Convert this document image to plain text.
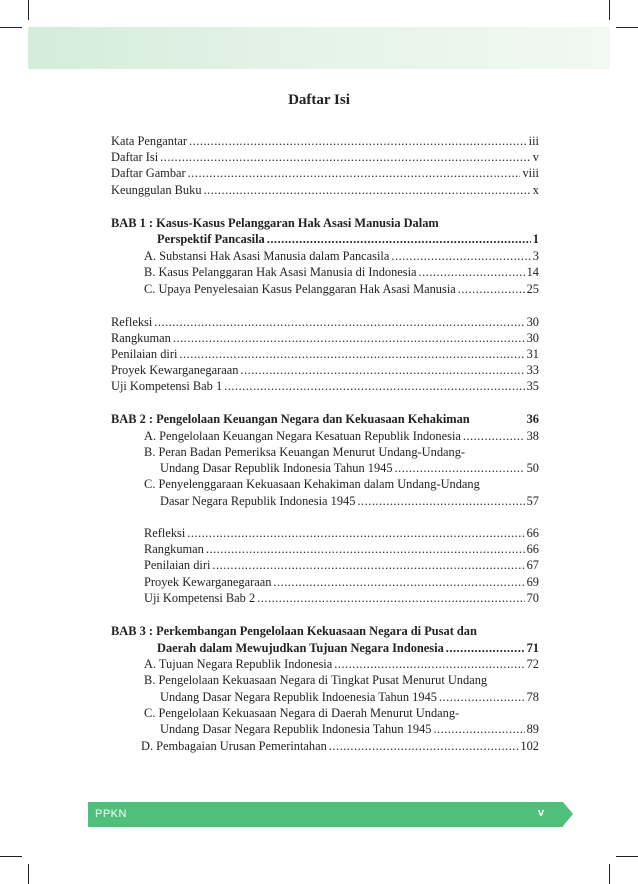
Daftar Isi
Kata Pengantar .....	iii
Daftar Isi .....	v
Daftar Gambar .....	viii
Keunggulan Buku .....	x
BAB 1 : Kasus-Kasus Pelanggaran Hak Asasi Manusia Dalam
Perspektif Pancasila .....	1
A. Substansi Hak Asasi Manusia dalam Pancasila .....	3
B. Kasus Pelanggaran Hak Asasi Manusia di Indonesia .....	14
C. Upaya Penyelesaian Kasus Pelanggaran Hak Asasi Manusia .....	25
Refleksi .....	30
Rangkuman .....	30
Penilaian diri .....	31
Proyek Kewarganegaraan .....	33
Uji Kompetensi Bab 1 .....	35
BAB 2 : Pengelolaan Keuangan Negara dan Kekuasaan Kehakiman	36
A. Pengelolaan Keuangan Negara Kesatuan Republik Indonesia .....	38
B. Peran Badan Pemeriksa Keuangan Menurut Undang-Undang-
Undang Dasar Republik Indonesia Tahun 1945 .....	50
C. Penyelenggaraan Kekuasaan Kehakiman dalam Undang-Undang
Dasar Negara Republik Indonesia 1945 .....	57
Refleksi .....	66
Rangkuman .....	66
Penilaian diri .....	67
Proyek Kewarganegaraan .....	69
Uji Kompetensi Bab 2 .....	70
BAB 3 : Perkembangan Pengelolaan Kekuasaan Negara di Pusat dan
Daerah dalam Mewujudkan Tujuan Negara Indonesia .....	71
A. Tujuan Negara Republik Indonesia .....	72
B. Pengelolaan Kekuasaan Negara di Tingkat Pusat Menurut Undang
Undang Dasar Negara Republik Indoenesia Tahun 1945 .....	78
C. Pengelolaan Kekuasaan Negara di Daerah Menurut Undang-
Undang Dasar Negara Republik Indonesia Tahun 1945 .....	89
D. Pembagaian Urusan Pemerintahan .....	102
PPKN	v
